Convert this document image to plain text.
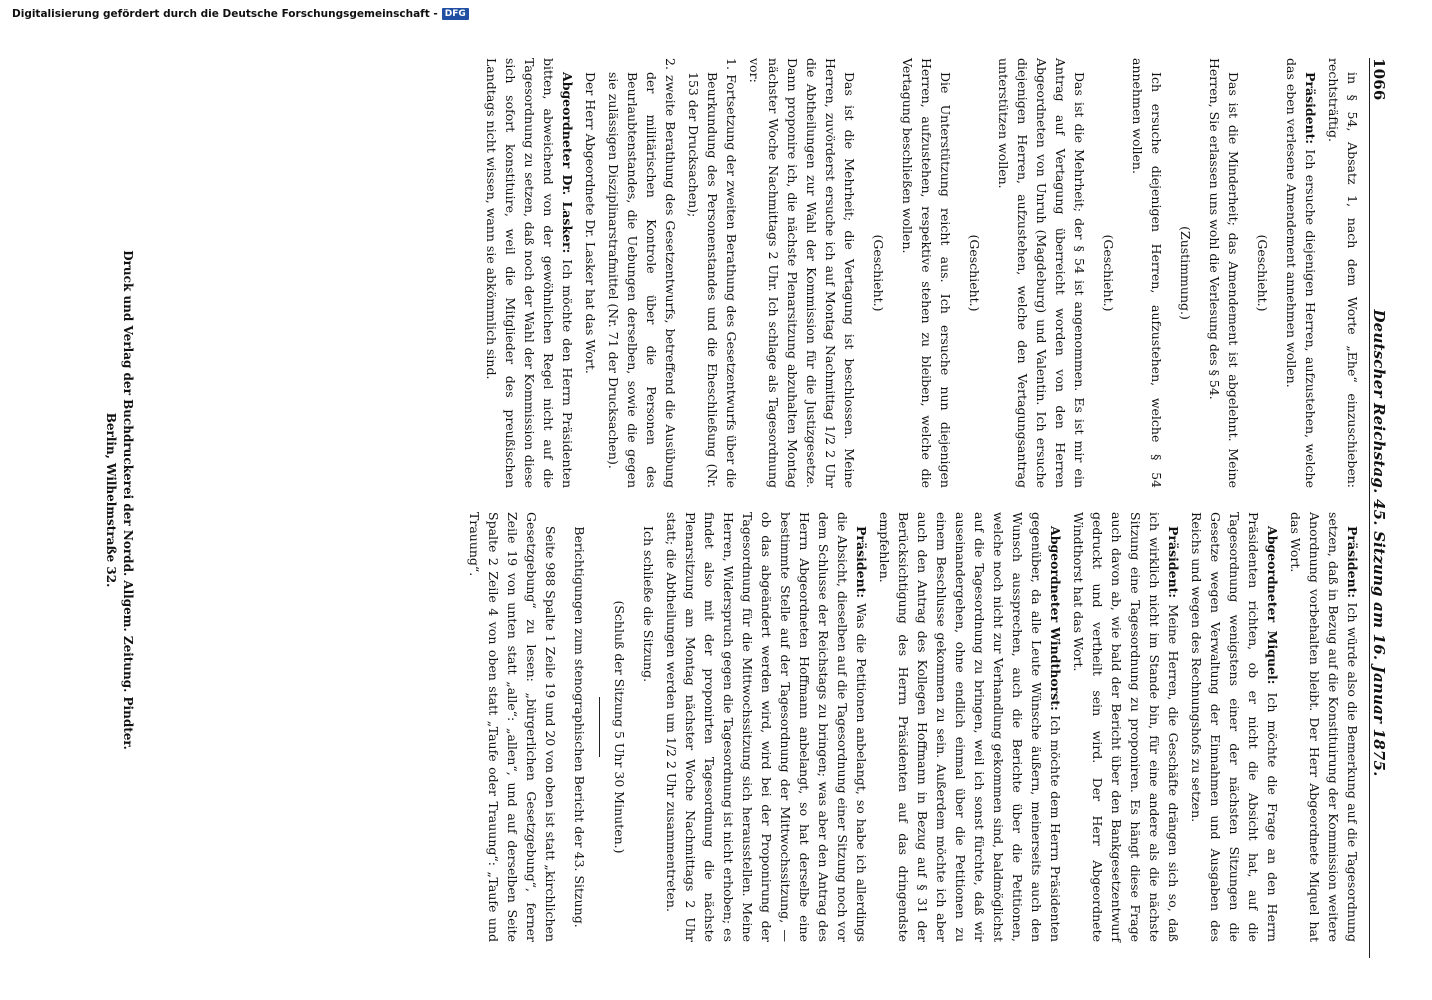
1066
Deutscher Reichstag. 45. Sitzung am 16. Januar 1875.

in § 54, Absatz 1, nach dem Worte „Ehe“ einzuschieben: rechtsträftig.

Präsident: Ich ersuche diejenigen Herren, aufzustehen, welche das eben verlesene Amendement annehmen wollen.

(Geschieht.)

Das ist die Minderheit; das Amendement ist abgelehnt. Meine Herren, Sie erlassen uns wohl die Verlesung des § 54.

(Zustimmung.)

Ich ersuche diejenigen Herren, aufzustehen, welche § 54 annehmen wollen.

(Geschieht.)

Das ist die Mehrheit; der § 54 ist angenommen. Es ist mir ein Antrag auf Vertagung überreicht worden von den Herren Abgeordneten von Unruh (Magdeburg) und Valentin. Ich ersuche diejenigen Herren, aufzustehen, welche den Vertagungsantrag unterstützen wollen.

(Geschieht.)

Die Unterstützung reicht aus. Ich ersuche nun diejenigen Herren, aufzustehen, respektive stehen zu bleiben, welche die Vertagung beschließen wollen.

(Geschieht.)

Das ist die Mehrheit; die Vertagung ist beschlossen. Meine Herren, zuvörderst ersuche ich auf Montag Nachmittag 1/2 2 Uhr die Abtheilungen zur Wahl der Kommission für die Justizgesetze. Dann proponire ich, die nächste Plenarsitzung abzuhalten Montag nächster Woche Nachmittags 2 Uhr. Ich schlage als Tagesordnung vor:

1. Fortsetzung der zweiten Berathung des Gesetzentwurfs über die Beurkundung des Personenstandes und die Eheschließung (Nr. 153 der Drucksachen);

2. zweite Berathung des Gesetzentwurfs, betreffend die Ausübung der militärischen Kontrole über die Personen des Beurlaubtenstandes, die Uebungen derselben, sowie die gegen sie zulässigen Disziplinarstrafmittel (Nr. 71 der Drucksachen).

Der Herr Abgeordnete Dr. Lasker hat das Wort.

Abgeordneter Dr. Lasker: Ich möchte den Herrn Präsidenten bitten, abweichend von der gewöhnlichen Regel nicht auf die Tagesordnung zu setzen, daß noch der Wahl der Kommission diese sich sofort konstituire, weil die Mitglieder des preußischen Landtags nicht wissen, wann sie abkömmlich sind.

Präsident: Ich würde also die Bemerkung auf die Tagesordnung setzen, daß in Bezug auf die Konstituirung der Kommission weitere Anordnung vorbehalten bleibt. Der Herr Abgeordnete Miquel hat das Wort.

Abgeordneter Miquel: Ich möchte die Frage an den Herrn Präsidenten richten, ob er nicht die Absicht hat, auf die Tagesordnung wenigstens einer der nächsten Sitzungen die Gesetze wegen Verwaltung der Einnahmen und Ausgaben des Reichs und wegen des Rechnungshofs zu setzen.

Präsident: Meine Herren, die Geschäfte drängen sich so, daß ich wirklich nicht im Stande bin, für eine andere als die nächste Sitzung eine Tagesordnung zu proponiren. Es hängt diese Frage auch davon ab, wie bald der Bericht über den Bankgesetzentwurf gedruckt und vertheilt sein wird. Der Herr Abgeordnete Windthorst hat das Wort.

Abgeordneter Windthorst: Ich möchte dem Herrn Präsidenten gegenüber, da alle Leute Wünsche äußern, meinerseits auch den Wunsch aussprechen, auch die Berichte über die Petitionen, welche noch nicht zur Verhandlung gekommen sind, baldmöglichst auf die Tagesordnung zu bringen, weil ich sonst fürchte, daß wir auseinandergehen, ohne endlich einmal über die Petitionen zu einem Beschlusse gekommen zu sein. Außerdem möchte ich aber auch den Antrag des Kollegen Hoffmann in Bezug auf § 31 der Berücksichtigung des Herrn Präsidenten auf das dringendste empfehlen.

Präsident: Was die Petitionen anbelangt, so habe ich allerdings die Absicht, dieselben auf die Tagesordnung einer Sitzung noch vor dem Schlusse der Reichstags zu bringen; was aber den Antrag des Herrn Abgeordneten Hoffmann anbelangt, so hat derselbe eine bestimmte Stelle auf der Tagesordnung der Mittwochssitzung, — ob das abgeändert werden wird, wird bei der Proponirung der Tagesordnung für die Mittwochssitzung sich herausstellen. Meine Herren, Widerspruch gegen die Tagesordnung ist nicht erhoben; es findet also mit der proponirten Tagesordnung die nächste Plenarsitzung am Montag nächster Woche Nachmittags 2 Uhr statt; die Abtheilungen werden um 1/2 2 Uhr zusammentreten.

Ich schließe die Sitzung.

(Schluß der Sitzung 5 Uhr 30 Minuten.)

Berichtigungen zum stenographischen Bericht der 43. Sitzung.

Seite 988 Spalte 1 Zeile 19 und 20 von oben ist statt „kirchlichen Gesetzgebung“ zu lesen: „bürgerlichen Gesetzgebung“, ferner Zeile 19 von unten statt „alle“: „allen“, und auf derselben Seite Spalte 2 Zeile 4 von oben statt „Taufe oder Trauung“: „Taufe und Trauung“.

Druck und Verlag der Buchdruckerei der Nordd. Allgem. Zeitung. Pindter.
Berlin, Wilhelmstraße 32.
Digitalisierung gefördert durch die Deutsche Forschungsgemeinschaft - DFG
